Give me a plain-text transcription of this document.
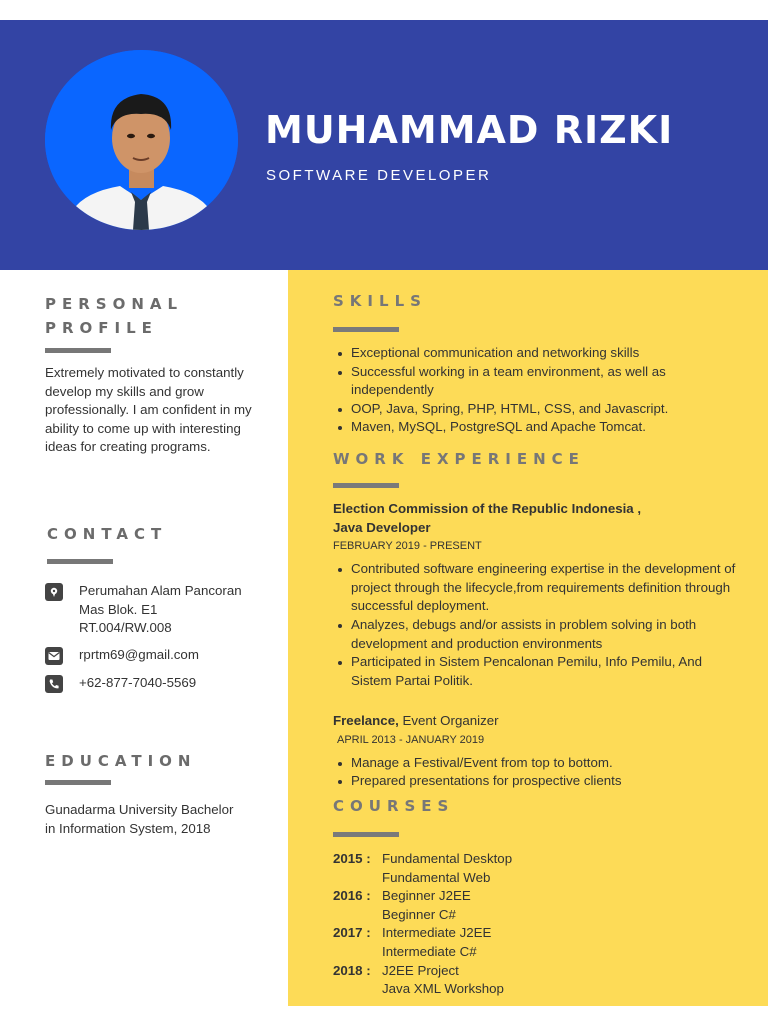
MUHAMMAD RIZKI
SOFTWARE DEVELOPER
PERSONAL PROFILE
Extremely motivated to constantly develop my skills and grow professionally. I am confident in my ability to come up with interesting ideas for creating programs.
CONTACT
Perumahan Alam Pancoran Mas Blok. E1 RT.004/RW.008
rprtm69@gmail.com
+62-877-7040-5569
EDUCATION
Gunadarma University Bachelor in Information System, 2018
SKILLS
Exceptional communication and networking skills
Successful working in a team environment, as well as independently
OOP, Java, Spring, PHP, HTML, CSS, and Javascript.
Maven, MySQL, PostgreSQL and Apache Tomcat.
WORK EXPERIENCE
Election Commission of the Republic Indonesia ,
Java Developer
FEBRUARY 2019 - PRESENT
Contributed software engineering expertise in the development of project through the lifecycle,from requirements definition through successful deployment.
Analyzes, debugs and/or assists in problem solving in both development and production environments
Participated in Sistem Pencalonan Pemilu, Info Pemilu, And Sistem Partai Politik.
Freelance, Event Organizer
APRIL 2013 - JANUARY 2019
Manage a Festival/Event from top to bottom.
Prepared presentations for prospective clients
COURSES
2015 : Fundamental Desktop
Fundamental Web
2016 : Beginner J2EE
Beginner C#
2017 : Intermediate J2EE
Intermediate C#
2018 : J2EE Project
Java XML Workshop
